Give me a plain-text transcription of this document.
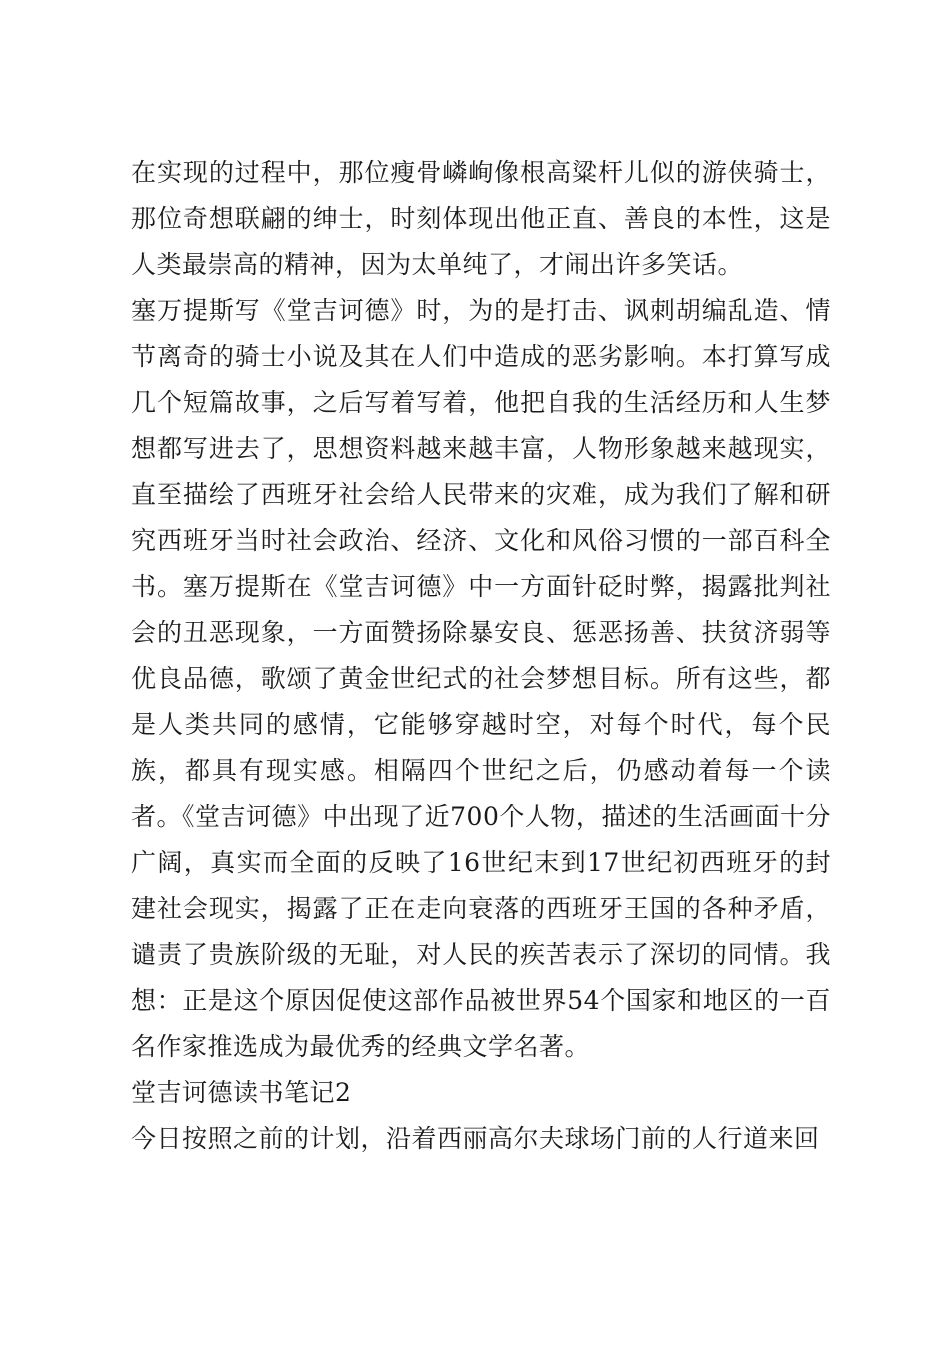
在实现的过程中，那位瘦骨嶙峋像根高粱杆儿似的游侠骑士，那位奇想联翩的绅士，时刻体现出他正直、善良的本性，这是人类最崇高的精神，因为太单纯了，才闹出许多笑话。

塞万提斯写《堂吉诃德》时，为的是打击、讽刺胡编乱造、情节离奇的骑士小说及其在人们中造成的恶劣影响。本打算写成几个短篇故事，之后写着写着，他把自我的生活经历和人生梦想都写进去了，思想资料越来越丰富，人物形象越来越现实，直至描绘了西班牙社会给人民带来的灾难，成为我们了解和研究西班牙当时社会政治、经济、文化和风俗习惯的一部百科全书。塞万提斯在《堂吉诃德》中一方面针砭时弊，揭露批判社会的丑恶现象，一方面赞扬除暴安良、惩恶扬善、扶贫济弱等优良品德，歌颂了黄金世纪式的社会梦想目标。所有这些，都是人类共同的感情，它能够穿越时空，对每个时代，每个民族，都具有现实感。相隔四个世纪之后，仍感动着每一个读者。《堂吉诃德》中出现了近700个人物，描述的生活画面十分广阔，真实而全面的反映了16世纪末到17世纪初西班牙的封建社会现实，揭露了正在走向衰落的西班牙王国的各种矛盾，谴责了贵族阶级的无耻，对人民的疾苦表示了深切的同情。我想：正是这个原因促使这部作品被世界54个国家和地区的一百名作家推选成为最优秀的经典文学名著。

堂吉诃德读书笔记2

今日按照之前的计划，沿着西丽高尔夫球场门前的人行道来回
